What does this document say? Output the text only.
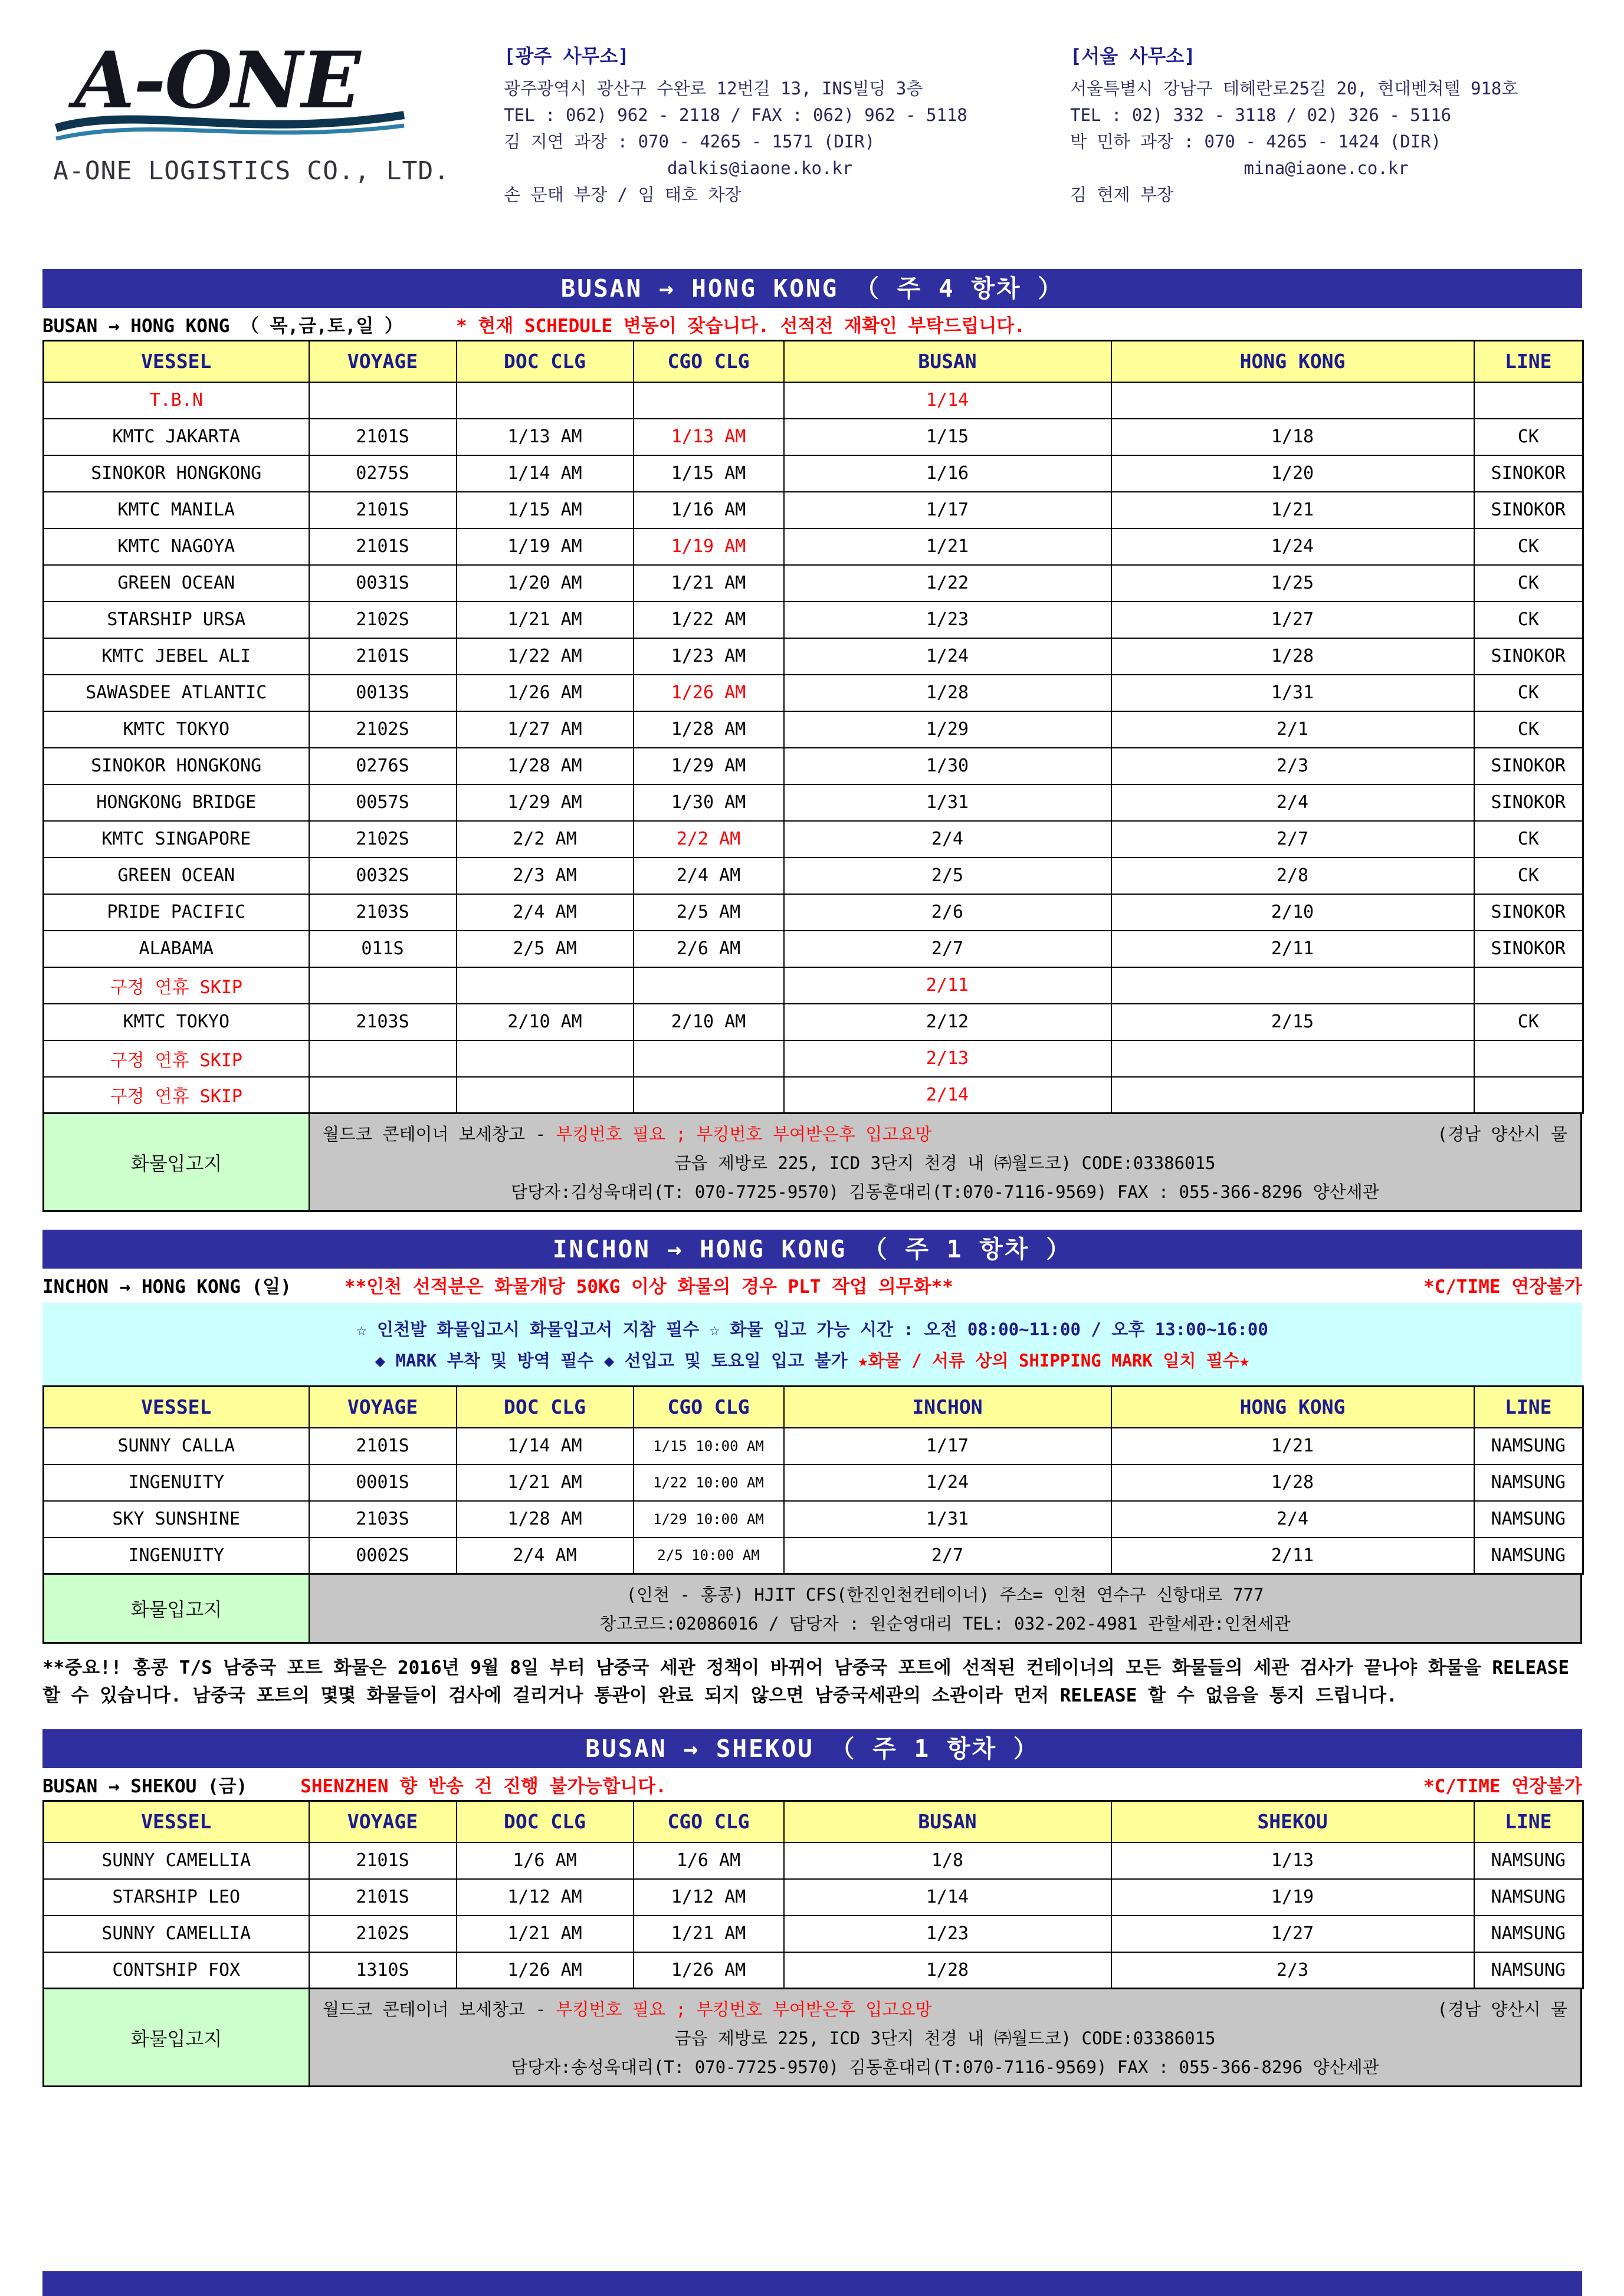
A-ONE
A-ONE LOGISTICS CO., LTD.
[광주 사무소]
광주광역시 광산구 수완로 12번길 13, INS빌딩 3층
TEL : 062) 962 - 2118 / FAX : 062) 962 - 5118
김 지연 과장 : 070 - 4265 - 1571 (DIR)
dalkis@iaone.ko.kr
손 문태 부장 / 임 태호 차장
[서울 사무소]
서울특별시 강남구 테헤란로25길 20, 현대벤쳐텔 918호
TEL : 02) 332 - 3118 / 02) 326 - 5116
박 민하 과장 : 070 - 4265 - 1424 (DIR)
mina@iaone.co.kr
김 현제 부장
BUSAN → HONG KONG （ 주 4 항차 ）
BUSAN → HONG KONG （ 목,금,토,일 ）	* 현재 SCHEDULE 변동이 잦습니다. 선적전 재확인 부탁드립니다.
VESSEL	VOYAGE	DOC CLG	CGO CLG	BUSAN	HONG KONG	LINE
T.B.N				1/14		
KMTC JAKARTA	2101S	1/13 AM	1/13 AM	1/15	1/18	CK
SINOKOR HONGKONG	0275S	1/14 AM	1/15 AM	1/16	1/20	SINOKOR
KMTC MANILA	2101S	1/15 AM	1/16 AM	1/17	1/21	SINOKOR
KMTC NAGOYA	2101S	1/19 AM	1/19 AM	1/21	1/24	CK
GREEN OCEAN	0031S	1/20 AM	1/21 AM	1/22	1/25	CK
STARSHIP URSA	2102S	1/21 AM	1/22 AM	1/23	1/27	CK
KMTC JEBEL ALI	2101S	1/22 AM	1/23 AM	1/24	1/28	SINOKOR
SAWASDEE ATLANTIC	0013S	1/26 AM	1/26 AM	1/28	1/31	CK
KMTC TOKYO	2102S	1/27 AM	1/28 AM	1/29	2/1	CK
SINOKOR HONGKONG	0276S	1/28 AM	1/29 AM	1/30	2/3	SINOKOR
HONGKONG BRIDGE	0057S	1/29 AM	1/30 AM	1/31	2/4	SINOKOR
KMTC SINGAPORE	2102S	2/2 AM	2/2 AM	2/4	2/7	CK
GREEN OCEAN	0032S	2/3 AM	2/4 AM	2/5	2/8	CK
PRIDE PACIFIC	2103S	2/4 AM	2/5 AM	2/6	2/10	SINOKOR
ALABAMA	011S	2/5 AM	2/6 AM	2/7	2/11	SINOKOR
구정 연휴 SKIP				2/11		
KMTC TOKYO	2103S	2/10 AM	2/10 AM	2/12	2/15	CK
구정 연휴 SKIP				2/13		
구정 연휴 SKIP				2/14		
화물입고지
월드코 콘테이너 보세창고 - 부킹번호 필요 ; 부킹번호 부여받은후 입고요망	(경남 양산시 물
금읍 제방로 225, ICD 3단지 천경 내 ㈜월드코) CODE:03386015
담당자:김성욱대리(T: 070-7725-9570) 김동훈대리(T:070-7116-9569) FAX : 055-366-8296 양산세관
INCHON → HONG KONG （ 주 1 항차 ）
INCHON → HONG KONG (일)	**인천 선적분은 화물개당 50KG 이상 화물의 경우 PLT 작업 의무화**	*C/TIME 연장불가
☆ 인천발 화물입고시 화물입고서 지참 필수 ☆ 화물 입고 가능 시간 : 오전 08:00~11:00 / 오후 13:00~16:00
◆ MARK 부착 및 방역 필수 ◆ 선입고 및 토요일 입고 불가 ★화물 / 서류 상의 SHIPPING MARK 일치 필수★
VESSEL	VOYAGE	DOC CLG	CGO CLG	INCHON	HONG KONG	LINE
SUNNY CALLA	2101S	1/14 AM	1/15 10:00 AM	1/17	1/21	NAMSUNG
INGENUITY	0001S	1/21 AM	1/22 10:00 AM	1/24	1/28	NAMSUNG
SKY SUNSHINE	2103S	1/28 AM	1/29 10:00 AM	1/31	2/4	NAMSUNG
INGENUITY	0002S	2/4 AM	2/5 10:00 AM	2/7	2/11	NAMSUNG
화물입고지
(인천 - 홍콩) HJIT CFS(한진인천컨테이너) 주소= 인천 연수구 신항대로 777
창고코드:02086016 / 담당자 : 원순영대리 TEL: 032-202-4981 관할세관:인천세관
**중요!! 홍콩 T/S 남중국 포트 화물은 2016년 9월 8일 부터 남중국 세관 정책이 바뀌어 남중국 포트에 선적된 컨테이너의 모든 화물들의 세관 검사가 끝나야 화물을 RELEASE 할 수 있습니다. 남중국 포트의 몇몇 화물들이 검사에 걸리거나 통관이 완료 되지 않으면 남중국세관의 소관이라 먼저 RELEASE 할 수 없음을 통지 드립니다.
BUSAN → SHEKOU （ 주 1 항차 ）
BUSAN → SHEKOU (금)	SHENZHEN 향 반송 건 진행 불가능합니다.	*C/TIME 연장불가
VESSEL	VOYAGE	DOC CLG	CGO CLG	BUSAN	SHEKOU	LINE
SUNNY CAMELLIA	2101S	1/6 AM	1/6 AM	1/8	1/13	NAMSUNG
STARSHIP LEO	2101S	1/12 AM	1/12 AM	1/14	1/19	NAMSUNG
SUNNY CAMELLIA	2102S	1/21 AM	1/21 AM	1/23	1/27	NAMSUNG
CONTSHIP FOX	1310S	1/26 AM	1/26 AM	1/28	2/3	NAMSUNG
화물입고지
월드코 콘테이너 보세창고 - 부킹번호 필요 ; 부킹번호 부여받은후 입고요망	(경남 양산시 물
금읍 제방로 225, ICD 3단지 천경 내 ㈜월드코) CODE:03386015
담당자:송성욱대리(T: 070-7725-9570) 김동훈대리(T:070-7116-9569) FAX : 055-366-8296 양산세관
